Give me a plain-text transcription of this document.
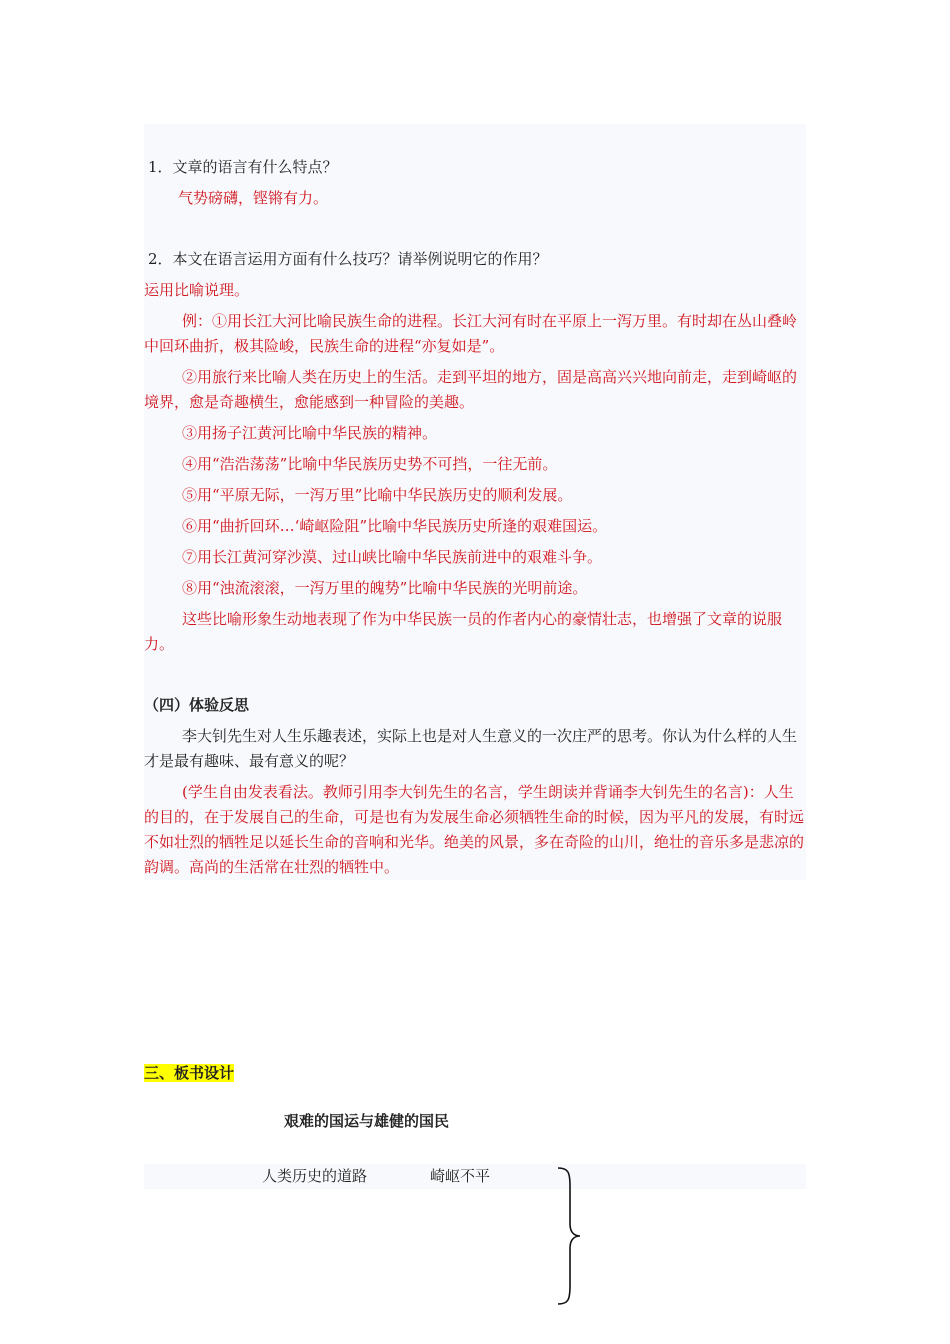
1．文章的语言有什么特点？
气势磅礴，铿锵有力。
2．本文在语言运用方面有什么技巧？请举例说明它的作用？
运用比喻说理。
例：①用长江大河比喻民族生命的进程。长江大河有时在平原上一泻万里。有时却在丛山叠岭中回环曲折，极其险峻，民族生命的进程“亦复如是”。
②用旅行来比喻人类在历史上的生活。走到平坦的地方，固是高高兴兴地向前走，走到崎岖的境界，愈是奇趣横生，愈能感到一种冒险的美趣。
③用扬子江黄河比喻中华民族的精神。
④用“浩浩荡荡”比喻中华民族历史势不可挡，一往无前。
⑤用“平原无际，一泻万里”比喻中华民族历史的顺利发展。
⑥用“曲折回环…‘崎岖险阻”比喻中华民族历史所逢的艰难国运。
⑦用长江黄河穿沙漠、过山峡比喻中华民族前进中的艰难斗争。
⑧用“浊流滚滚，一泻万里的魄势”比喻中华民族的光明前途。
这些比喻形象生动地表现了作为中华民族一员的作者内心的豪情壮志，也增强了文章的说服力。
（四）体验反思
李大钊先生对人生乐趣表述，实际上也是对人生意义的一次庄严的思考。你认为什么样的人生才是最有趣味、最有意义的呢？
(学生自由发表看法。教师引用李大钊先生的名言，学生朗读并背诵李大钊先生的名言)：人生的目的，在于发展自己的生命，可是也有为发展生命必须牺牲生命的时候，因为平凡的发展，有时远不如壮烈的牺牲足以延长生命的音响和光华。绝美的风景，多在奇险的山川，绝壮的音乐多是悲凉的韵调。高尚的生活常在壮烈的牺牲中。
三、板书设计
艰难的国运与雄健的国民
人类历史的道路	崎岖不平
